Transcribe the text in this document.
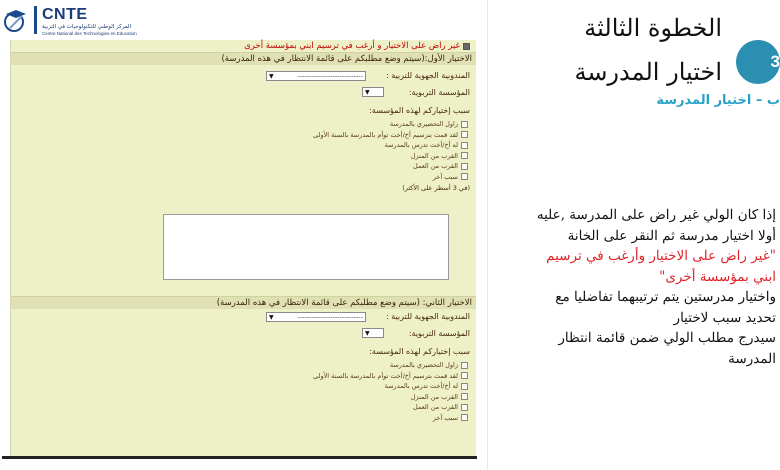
CNTE
المركز الوطني للتكنولوجيات في التربية
Centre National des Technologies en Education
غير راض على الاختيار و أرغب في ترسيم ابني بمؤسسة أخرى
الاختيار الأول:(سيتم وضع مطلبكم على قائمة الانتظار في هذه المدرسة)
المندوبية الجهوية للتربية :
▼	----------------------------
المؤسسة التربوية:
▼
سبب إختياركم لهذه المؤسسة:
زاول التحضيري بالمدرسة
لقد قمت بترسيم أخ/أخت توأم بالمدرسة بالسنة الأولى
له أخ/أخت تدرس بالمدرسة
القرب من المنزل
القرب من العمل
سبب آخر
(في 3 أسطر على الأكثر)
الاختيار الثاني: (سيتم وضع مطلبكم على قائمة الانتظار في هذه المدرسة)
المندوبية الجهوية للتربية :
▼	----------------------------
المؤسسة التربوية:
▼
سبب إختياركم لهذه المؤسسة:
زاول التحضيري بالمدرسة
لقد قمت بترسيم أخ/أخت توأم بالمدرسة بالسنة الأولى
له أخ/أخت تدرس بالمدرسة
القرب من المنزل
القرب من العمل
سبب آخر
3
الخطوة الثالثة
اختيار المدرسة
ب – اختيار المدرسة
إذا كان الولي غير راض على المدرسة ,عليه
أولا اختيار مدرسة ثم النقر على الخانة
"غير راض على الاختيار وأرغب في ترسيم
ابني بمؤسسة أخرى"
واختيار مدرستين يتم ترتيبهما تفاضليا مع
تحديد سبب لاختيار
سيدرج مطلب الولي ضمن قائمة انتظار
المدرسة
